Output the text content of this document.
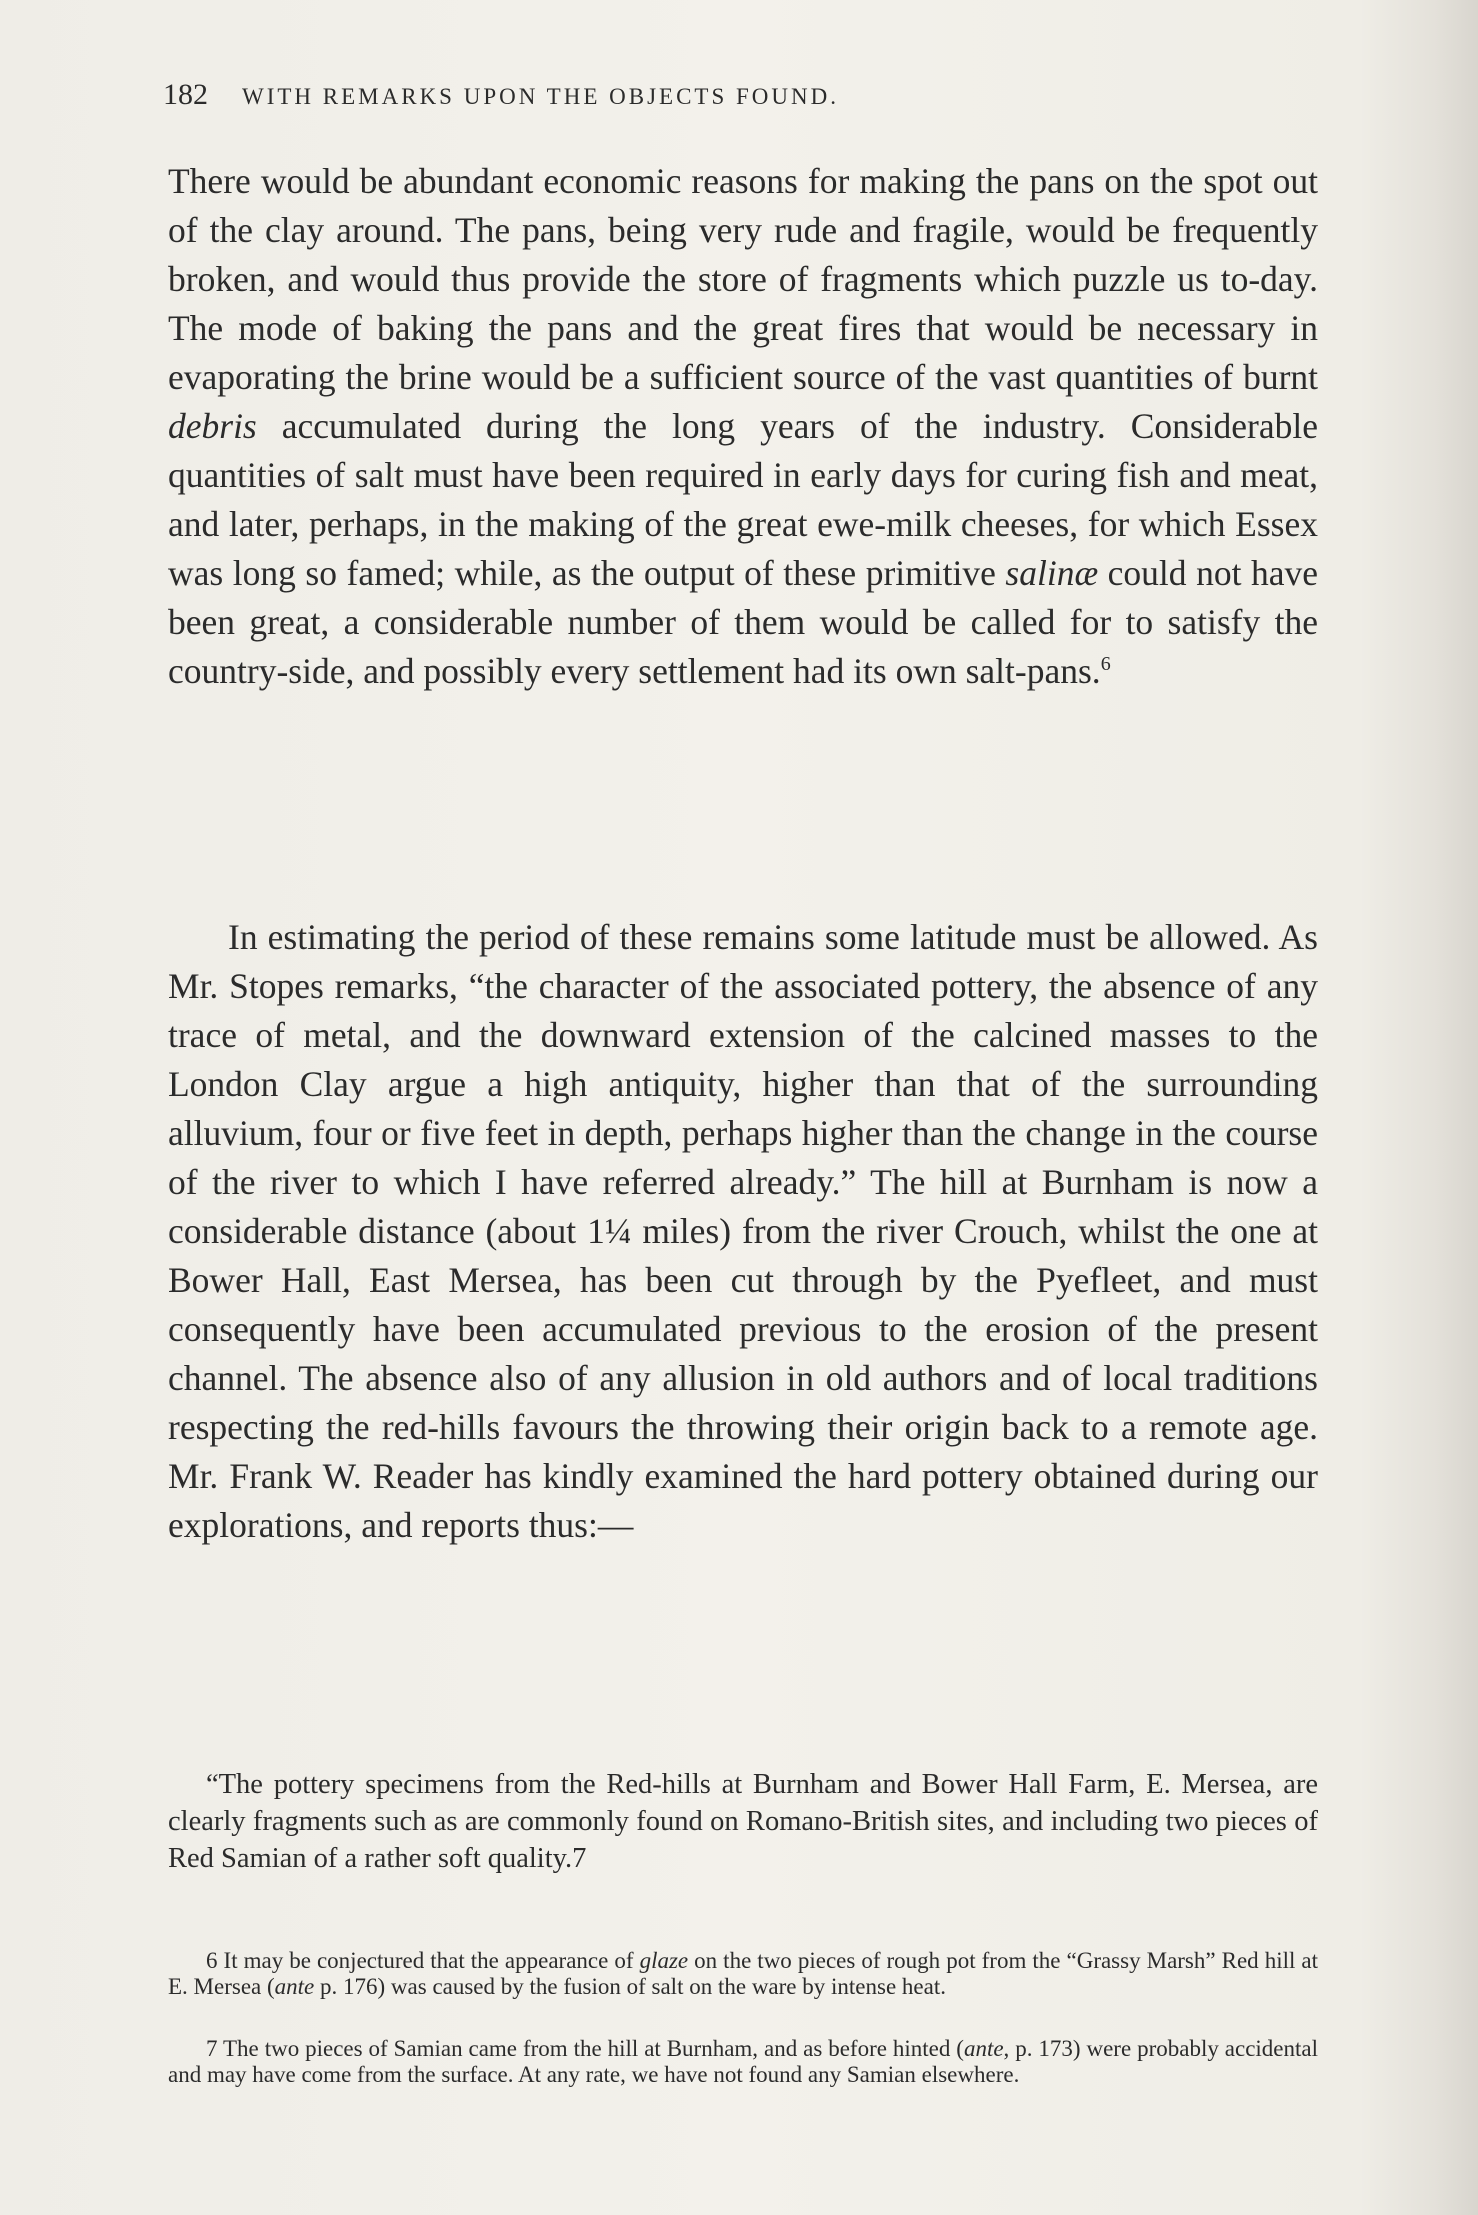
182 WITH REMARKS UPON THE OBJECTS FOUND.
There would be abundant economic reasons for making the pans on the spot out of the clay around. The pans, being very rude and fragile, would be frequently broken, and would thus provide the store of fragments which puzzle us to-day. The mode of baking the pans and the great fires that would be necessary in evaporating the brine would be a sufficient source of the vast quantities of burnt debris accumulated during the long years of the industry. Considerable quantities of salt must have been required in early days for curing fish and meat, and later, perhaps, in the making of the great ewe-milk cheeses, for which Essex was long so famed; while, as the output of these primitive salinæ could not have been great, a considerable number of them would be called for to satisfy the country-side, and possibly every settlement had its own salt-pans.$^6$
In estimating the period of these remains some latitude must be allowed. As Mr. Stopes remarks, “the character of the associated pottery, the absence of any trace of metal, and the downward extension of the calcined masses to the London Clay argue a high antiquity, higher than that of the surrounding alluvium, four or five feet in depth, perhaps higher than the change in the course of the river to which I have referred already.” The hill at Burnham is now a considerable distance (about 1¼ miles) from the river Crouch, whilst the one at Bower Hall, East Mersea, has been cut through by the Pyefleet, and must consequently have been accumulated previous to the erosion of the present channel. The absence also of any allusion in old authors and of local traditions respecting the red-hills favours the throwing their origin back to a remote age. Mr. Frank W. Reader has kindly examined the hard pottery obtained during our explorations, and reports thus:—
“The pottery specimens from the Red-hills at Burnham and Bower Hall Farm, E. Mersea, are clearly fragments such as are commonly found on Romano-British sites, and including two pieces of Red Samian of a rather soft quality.7
6 It may be conjectured that the appearance of glaze on the two pieces of rough pot from the “Grassy Marsh” Red hill at E. Mersea (ante p. 176) was caused by the fusion of salt on the ware by intense heat.
7 The two pieces of Samian came from the hill at Burnham, and as before hinted (ante, p. 173) were probably accidental and may have come from the surface. At any rate, we have not found any Samian elsewhere.
